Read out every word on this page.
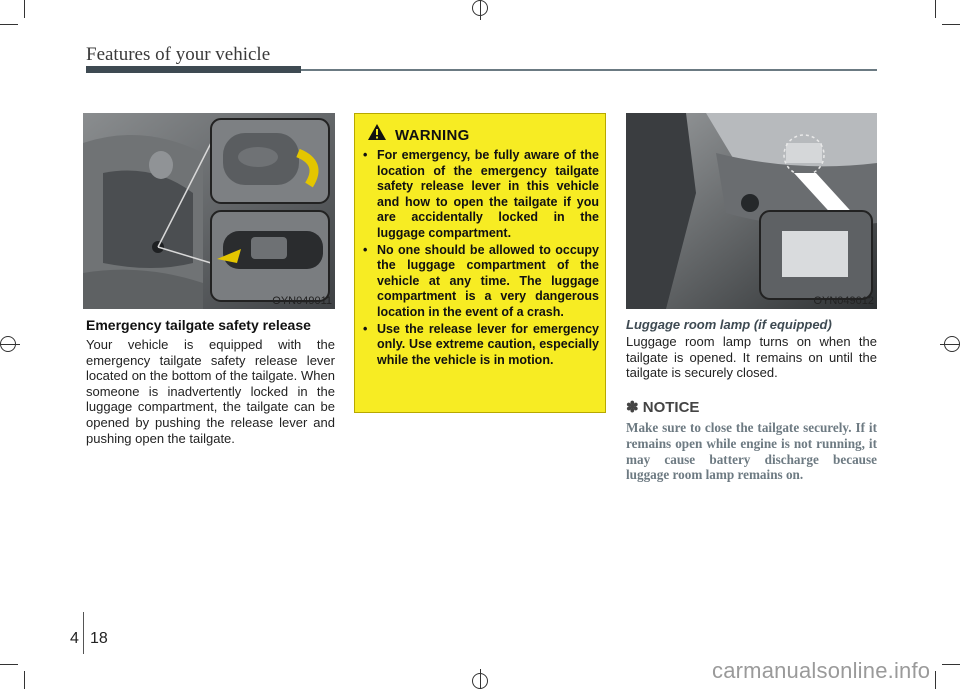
Features of your vehicle
OYN049011
Emergency tailgate safety release
Your vehicle is equipped with the emergency tailgate safety release lever located on the bottom of the tailgate. When someone is inadvertently locked in the luggage compartment, the tailgate can be opened by pushing the release lever and pushing open the tailgate.
WARNING
• For emergency, be fully aware of the location of the emergency tailgate safety release lever in this vehicle and how to open the tailgate if you are accidentally locked in the luggage compartment.
• No one should be allowed to occupy the luggage compartment of the vehicle at any time. The luggage compartment is a very dangerous location in the event of a crash.
• Use the release lever for emergency only. Use extreme caution, especially while the vehicle is in motion.
OYN049012
Luggage room lamp (if equipped)
Luggage room lamp turns on when the tailgate is opened. It remains on until the tailgate is securely closed.
✽ NOTICE
Make sure to close the tailgate securely. If it remains open while engine is not running, it may cause battery discharge because luggage room lamp remains on.
4 18
carmanualsonline.info
